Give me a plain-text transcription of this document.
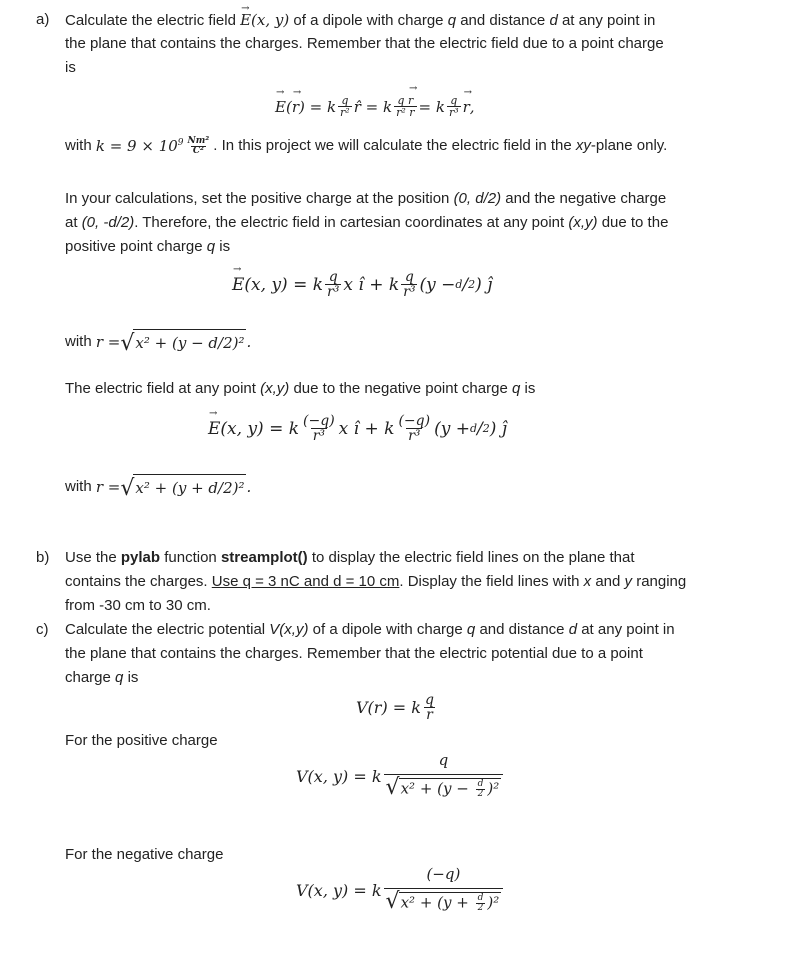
a) Calculate the electric field → E(x, y) of a dipole with charge q and distance d at any point in
the plane that contains the charges. Remember that the electric field due to a point charge
is
→ E (
→ r ) = k $\frac{q}{\text{r²}}$ r̂ = k $\frac{q \to r}{\text{r² r}} = k \frac{q}{\text{r³}}$
→ r ,
with
$k = 9 \times 10^9 \frac{\text{Nm²}}{\text{C²}}$ . In this project we will calculate the electric field in the
xy -plane only.
In your calculations, set the positive charge at the position (0, d/2) and the negative charge
at (0, -d/2). Therefore, the electric field in cartesian coordinates at any point (x,y) due to the
positive point charge q is
→ E (x, y) = k $\frac{q}{\text{r³}}$ x î + k $\frac{q}{\text{r³}} (y - d / 2$ ) ĵ
with
r = √ x² + (y − d/2)² .
The electric field at any point (x,y) due to the negative point charge q is
→ E (x, y) = k $\frac{(-q)}{\text{r³}}$ x î + k $\frac{(-q)}{\text{r³}} (y + d / 2$ ) ĵ
with
r = √ x² + (y + d/2)² .
b) Use the pylab function streamplot() to display the electric field lines on the plane that
contains the charges. Use q = 3 nC and d = 10 cm. Display the field lines with x and y ranging
from -30 cm to 30 cm.
c) Calculate the electric potential V(x,y) of a dipole with charge q and distance d at any point in
the plane that contains the charges. Remember that the electric potential due to a point
charge q is
V(r) = k $\frac{q}{r}$
For the positive charge
V(x, y) = k $\frac{q}{√ x^2 + (y - \frac{d}{2} )^2}$
For the negative charge
V(x, y) = k $\frac{(-q)}{√ x^2 + (y + \frac{d}{2} )^2}$
